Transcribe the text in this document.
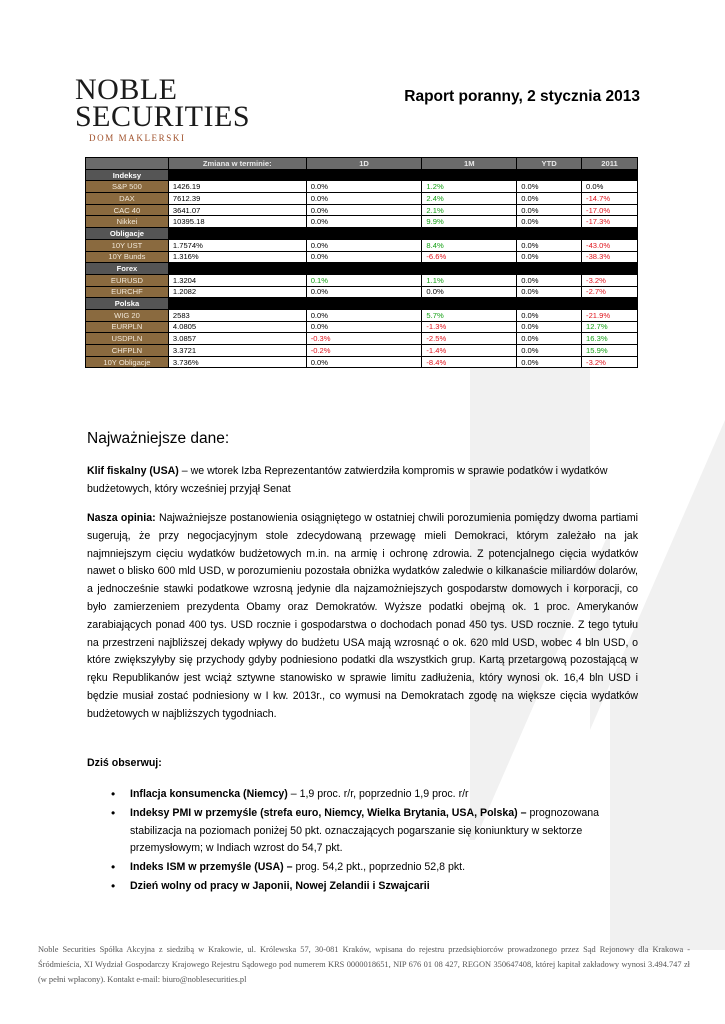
NOBLE
SECURITIES
DOM MAKLERSKI
Raport poranny, 2 stycznia 2013
	Zmiana w terminie:	1D	1M	YTD	2011
Indeksy					
S&P 500	1426.19	0.0%	1.2%	0.0%	0.0%
DAX	7612.39	0.0%	2.4%	0.0%	-14.7%
CAC 40	3641.07	0.0%	2.1%	0.0%	-17.0%
Nikkei	10395.18	0.0%	9.9%	0.0%	-17.3%
Obligacje					
10Y UST	1.7574%	0.0%	8.4%	0.0%	-43.0%
10Y Bunds	1.316%	0.0%	-6.6%	0.0%	-38.3%
Forex					
EURUSD	1.3204	0.1%	1.1%	0.0%	-3.2%
EURCHF	1.2082	0.0%	0.0%	0.0%	-2.7%
Polska					
WIG 20	2583	0.0%	5.7%	0.0%	-21.9%
EURPLN	4.0805	0.0%	-1.3%	0.0%	12.7%
USDPLN	3.0857	-0.3%	-2.5%	0.0%	16.3%
CHFPLN	3.3721	-0.2%	-1.4%	0.0%	15.9%
10Y Obligacje	3.736%	0.0%	-8.4%	0.0%	-3.2%
Najważniejsze dane:
Klif fiskalny (USA) – we wtorek Izba Reprezentantów zatwierdziła kompromis w sprawie podatków i wydatków budżetowych, który wcześniej przyjął Senat
Nasza opinia: Najważniejsze postanowienia osiągniętego w ostatniej chwili porozumienia pomiędzy dwoma partiami sugerują, że przy negocjacyjnym stole zdecydowaną przewagę mieli Demokraci, którym zależało na jak najmniejszym cięciu wydatków budżetowych m.in. na armię i ochronę zdrowia. Z potencjalnego cięcia wydatków nawet o blisko 600 mld USD, w porozumieniu pozostała obniżka wydatków zaledwie o kilkanaście miliardów dolarów, a jednocześnie stawki podatkowe wzrosną jedynie dla najzamożniejszych gospodarstw domowych i korporacji, co było zamierzeniem prezydenta Obamy oraz Demokratów. Wyższe podatki obejmą ok. 1 proc. Amerykanów zarabiających ponad 400 tys. USD rocznie i gospodarstwa o dochodach ponad 450 tys. USD rocznie. Z tego tytułu na przestrzeni najbliższej dekady wpływy do budżetu USA mają wzrosnąć o ok. 620 mld USD, wobec 4 bln USD, o które zwiększyłyby się przychody gdyby podniesiono podatki dla wszystkich grup. Kartą przetargową pozostającą w ręku Republikanów jest wciąż sztywne stanowisko w sprawie limitu zadłużenia, który wynosi ok. 16,4 bln USD i będzie musiał zostać podniesiony w I kw. 2013r., co wymusi na Demokratach zgodę na większe cięcia wydatków budżetowych w najbliższych tygodniach.
Dziś obserwuj:
• Inflacja konsumencka (Niemcy) – 1,9 proc. r/r, poprzednio 1,9 proc. r/r
• Indeksy PMI w przemyśle (strefa euro, Niemcy, Wielka Brytania, USA, Polska) – prognozowana stabilizacja na poziomach poniżej 50 pkt. oznaczających pogarszanie się koniunktury w sektorze przemysłowym; w Indiach wzrost do 54,7 pkt.
• Indeks ISM w przemyśle (USA) – prog. 54,2 pkt., poprzednio 52,8 pkt.
• Dzień wolny od pracy w Japonii, Nowej Zelandii i Szwajcarii
Noble Securities Spółka Akcyjna z siedzibą w Krakowie, ul. Królewska 57, 30-081 Kraków, wpisana do rejestru przedsiębiorców prowadzonego przez Sąd Rejonowy dla Krakowa - Śródmieścia, XI Wydział Gospodarczy Krajowego Rejestru Sądowego pod numerem KRS 0000018651, NIP 676 01 08 427, REGON 350647408, której kapitał zakładowy wynosi 3.494.747 zł (w pełni wpłacony). Kontakt e-mail: biuro@noblesecurities.pl
